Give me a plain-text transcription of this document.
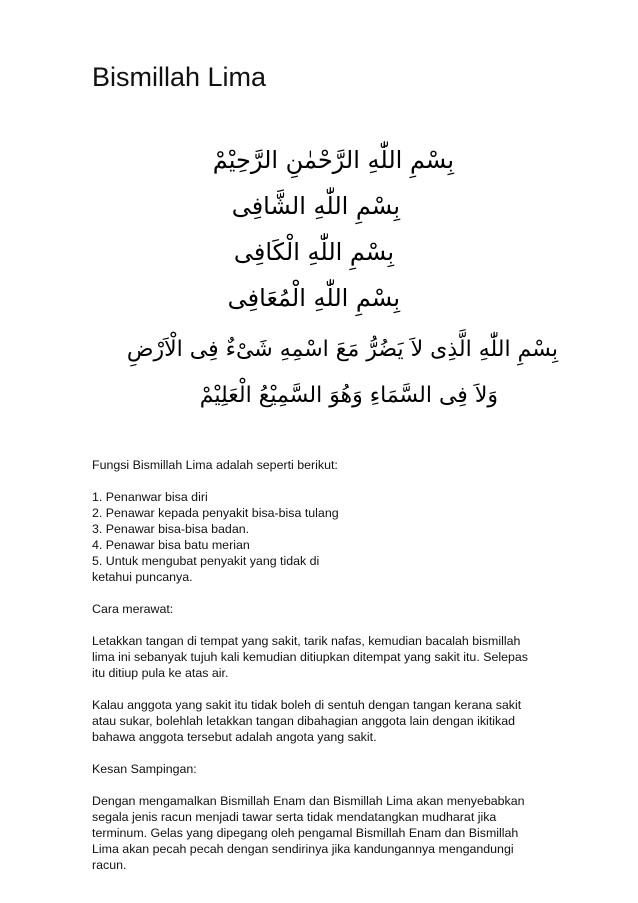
Bismillah Lima
بِسْمِ اللّٰهِ الرَّحْمٰنِ الرَّحِيْمْ
بِسْمِ اللّٰهِ الشَّافِى
بِسْمِ اللّٰهِ الْكَافِى
بِسْمِ اللّٰهِ الْمُعَافِى
بِسْمِ اللّٰهِ الَّذِى لاَ يَضُرُّ مَعَ اسْمِهِ شَىْءٌ فِى الْاَرْضِ
وَلاَ فِى السَّمَاءِ وَهُوَ السَّمِيْعُ الْعَلِيْمْ

Fungsi Bismillah Lima adalah seperti berikut:

1. Penanwar bisa diri
2. Penawar kepada penyakit bisa-bisa tulang
3. Penawar bisa-bisa badan.
4. Penawar bisa batu merian
5. Untuk mengubat penyakit yang tidak di
ketahui puncanya.

Cara merawat:

Letakkan tangan di tempat yang sakit, tarik nafas, kemudian bacalah bismillah lima ini sebanyak tujuh kali kemudian ditiupkan ditempat yang sakit itu. Selepas itu ditiup pula ke atas air.

Kalau anggota yang sakit itu tidak boleh di sentuh dengan tangan kerana sakit atau sukar, bolehlah letakkan tangan dibahagian anggota lain dengan ikitikad bahawa anggota tersebut adalah angota yang sakit.

Kesan Sampingan:

Dengan mengamalkan Bismillah Enam dan Bismillah Lima akan menyebabkan segala jenis racun menjadi tawar serta tidak mendatangkan mudharat jika terminum. Gelas yang dipegang oleh pengamal Bismillah Enam dan Bismillah Lima akan pecah pecah dengan sendirinya jika kandungannya mengandungi racun.
